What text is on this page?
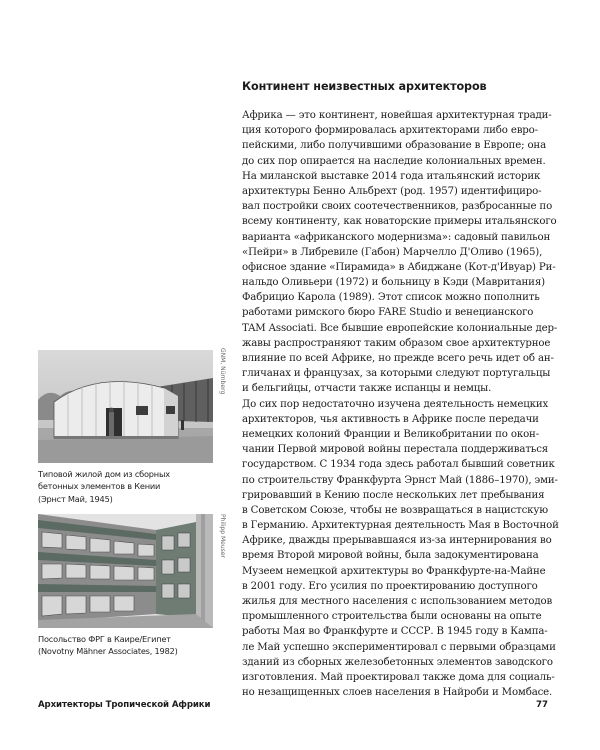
Континент неизвестных архитекторов
Африка — это континент, новейшая архитектурная тради-
ция которого формировалась архитекторами либо евро-
пейскими, либо получившими образование в Европе; она
до сих пор опирается на наследие колониальных времен.
На миланской выставке 2014 года итальянский историк
архитектуры Бенно Альбрехт (род. 1957) идентифициро-
вал постройки своих соотечественников, разбросанные по
всему континенту, как новаторские примеры итальянского
варианта «африканского модернизма»: садовый павильон
«Пейри» в Либревиле (Габон) Марчелло Д'Оливо (1965),
офисное здание «Пирамида» в Абиджане (Кот-д'Ивуар) Ри-
нальдо Оливьери (1972) и больницу в Кэди (Мавритания)
Фабрицио Карола (1989). Этот список можно пополнить
работами римского бюро FARE Studio и венецианского
TAM Associati. Все бывшие европейские колониальные дер-
жавы распространяют таким образом свое архитектурное
влияние по всей Африке, но прежде всего речь идет об ан-
гличанах и французах, за которыми следуют португальцы
и бельгийцы, отчасти также испанцы и немцы.
До сих пор недостаточно изучена деятельность немецких
архитекторов, чья активность в Африке после передачи
немецких колоний Франции и Великобритании по окон-
чании Первой мировой войны перестала поддерживаться
государством. С 1934 года здесь работал бывший советник
по строительству Франкфурта Эрнст Май (1886–1970), эми-
грировавший в Кению после нескольких лет пребывания
в Советском Союзе, чтобы не возвращаться в нацистскую
в Германию. Архитектурная деятельность Мая в Восточной
Африке, дважды прерывавшаяся из-за интернирования во
время Второй мировой войны, была задокументирована
Музеем немецкой архитектуры во Франкфурте-на-Майне
в 2001 году. Его усилия по проектированию доступного
жилья для местного населения с использованием методов
промышленного строительства были основаны на опыте
работы Мая во Франкфурте и СССР. В 1945 году в Кампа-
ле Май успешно экспериментировал с первыми образцами
зданий из сборных железобетонных элементов заводского
изготовления. Май проектировал также дома для социаль-
но незащищенных слоев населения в Найроби и Момбасе.
GNM, Nürnberg
Типовой жилой дом из сборных
бетонных элементов в Кении
(Эрнст Май, 1945)
Philipp Meuser
Посольство ФРГ в Каире/Египет
(Novotny Mähner Associates, 1982)
Архитекторы Тропической Африки	77
